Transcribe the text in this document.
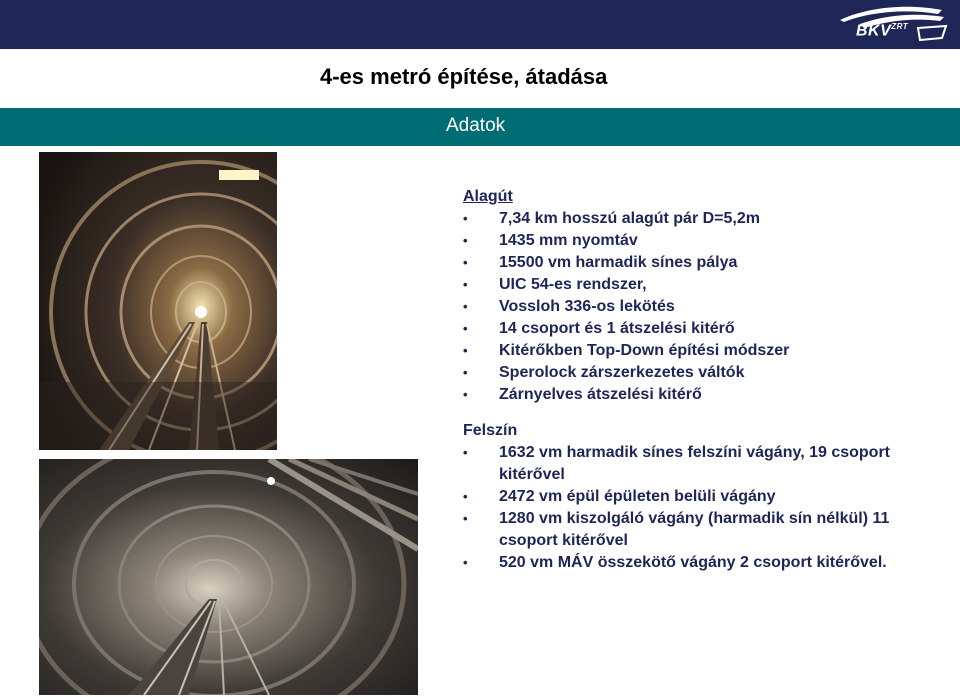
$BKV^{ZRT}$
4-es metró építése, átadása
Adatok
Alagút
• 7,34 km hosszú alagút pár D=5,2m
• 1435 mm nyomtáv
• 15500 vm harmadik sínes pálya
• UIC 54-es rendszer,
• Vossloh 336-os lekötés
• 14 csoport és 1 átszelési kitérő
• Kitérőkben Top-Down építési módszer
• Sperolock zárszerkezetes váltók
• Zárnyelves átszelési kitérő
Felszín
• 1632 vm harmadik sínes felszíni vágány, 19 csoport kitérővel
• 2472 vm épül épületen belüli vágány
• 1280 vm kiszolgáló vágány (harmadik sín nélkül) 11 csoport kitérővel
• 520 vm MÁV összekötő vágány 2 csoport kitérővel.
